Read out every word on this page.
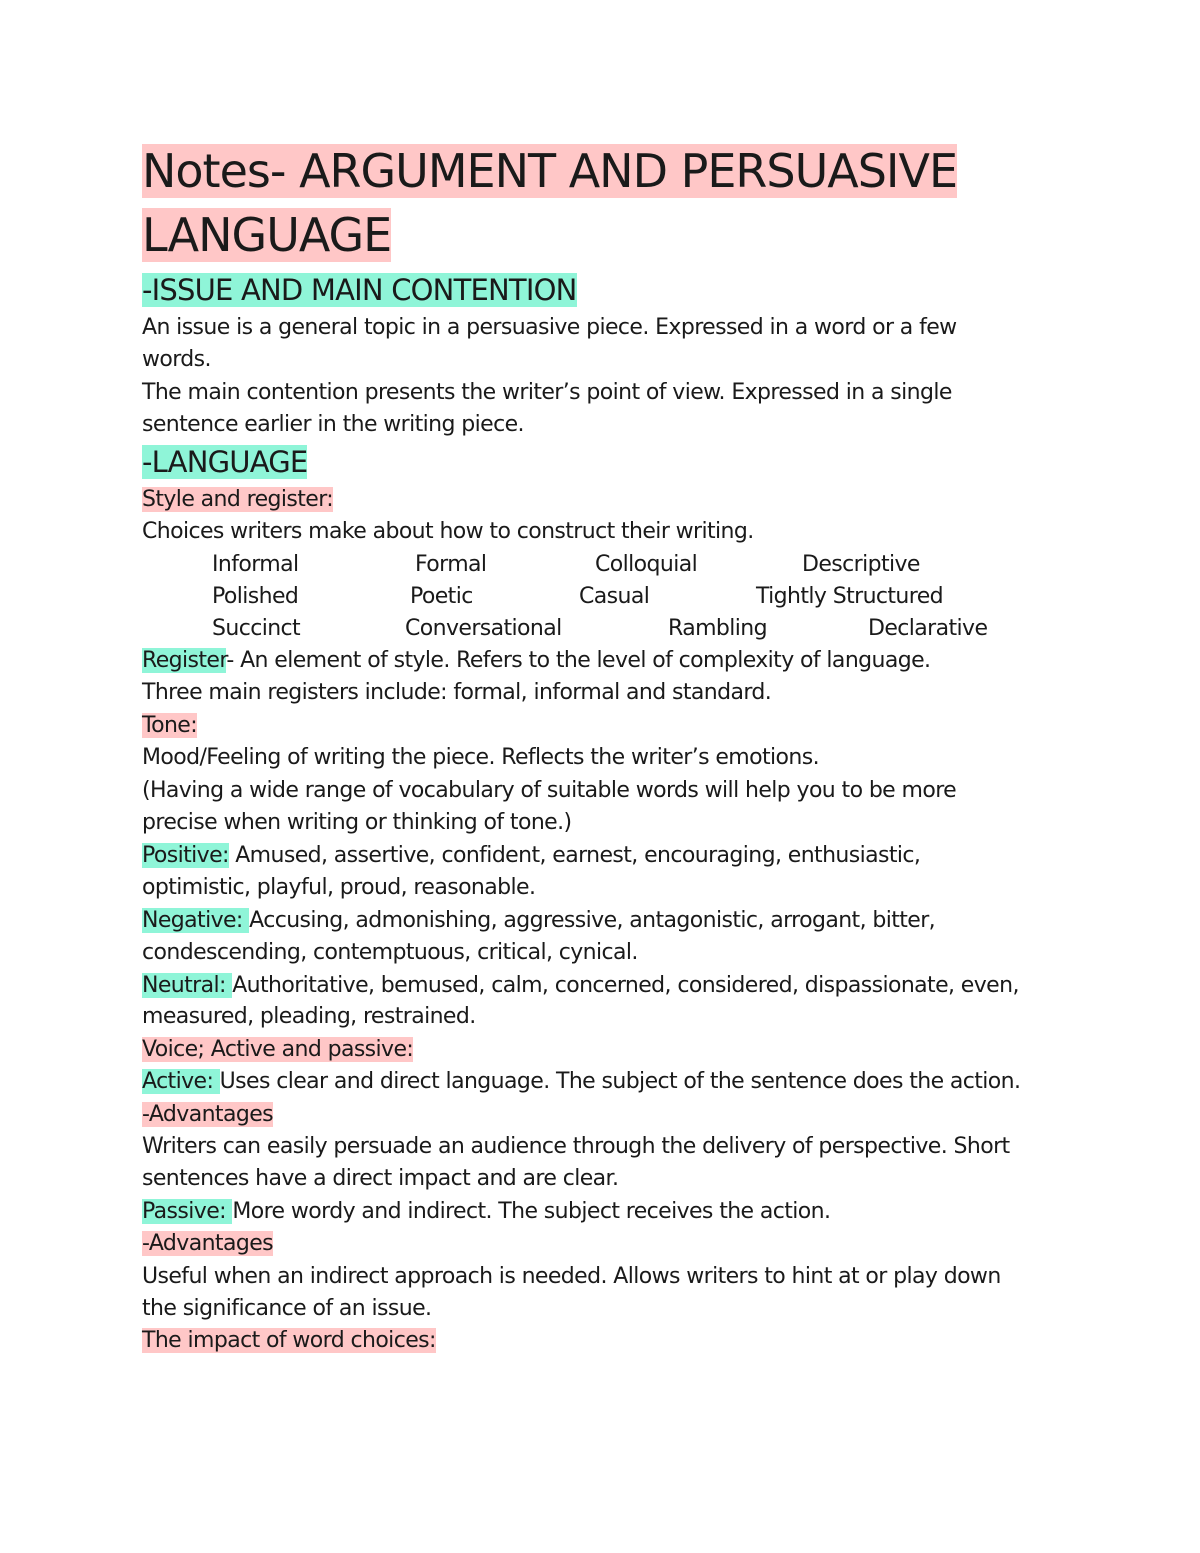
Notes- ARGUMENT AND PERSUASIVE
LANGUAGE
-ISSUE AND MAIN CONTENTION
An issue is a general topic in a persuasive piece. Expressed in a word or a few
words.
The main contention presents the writer’s point of view. Expressed in a single
sentence earlier in the writing piece.
-LANGUAGE
Style and register:
Choices writers make about how to construct their writing.
Informal	Formal	Colloquial	Descriptive
Polished	Poetic	Casual	Tightly Structured
Succinct	Conversational	Rambling	Declarative
Register- An element of style. Refers to the level of complexity of language.
Three main registers include: formal, informal and standard.
Tone:
Mood/Feeling of writing the piece. Reflects the writer’s emotions.
(Having a wide range of vocabulary of suitable words will help you to be more
precise when writing or thinking of tone.)
Positive: Amused, assertive, confident, earnest, encouraging, enthusiastic,
optimistic, playful, proud, reasonable.
Negative: Accusing, admonishing, aggressive, antagonistic, arrogant, bitter,
condescending, contemptuous, critical, cynical.
Neutral: Authoritative, bemused, calm, concerned, considered, dispassionate, even,
measured, pleading, restrained.
Voice; Active and passive:
Active: Uses clear and direct language. The subject of the sentence does the action.
-Advantages
Writers can easily persuade an audience through the delivery of perspective. Short
sentences have a direct impact and are clear.
Passive: More wordy and indirect. The subject receives the action.
-Advantages
Useful when an indirect approach is needed. Allows writers to hint at or play down
the significance of an issue.
The impact of word choices:
